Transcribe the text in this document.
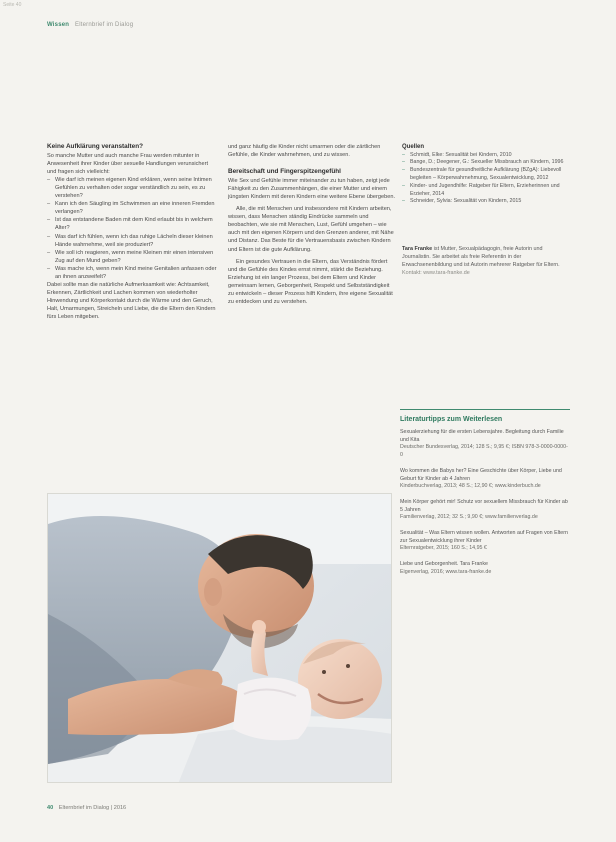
Seite 40
Wissen Elternbrief im Dialog
Keine Aufklärung veranstalten?

So manche Mutter und auch manche Frau werden mitunter in Anwesenheit ihrer Kinder über sexuelle Handlungen verunsichert und fragen sich vielleicht:

– Wie darf ich meinen eigenen Kind erklären, wenn seine Intimen Gefühlen zu verhalten oder sogar verständlich zu sein, es zu verstehen?
– Kann ich den Säugling im Schwimmen an eine inneren Fremden verlangen?
– Ist das entstandene Baden mit dem Kind erlaubt bis in welchem Alter?
– Was darf ich fühlen, wenn ich das ruhige Lächeln dieser kleinen Hände wahrnehme, weil sie produziert?
– Wie soll ich reagieren, wenn meine Kleinen mir einen intensiven Zug auf den Mund geben?
– Was mache ich, wenn mein Kind meine Genitalien anfassen oder an ihnen anzweifelt?

Dabei sollte man die natürliche Aufmerksamkeit wie: Achtsamkeit, Erkennen, Zärtlichkeit und Lachen kommen von wiederholter Hinwendung und Körperkontakt durch die Wärme und den Geruch, Halt, Umarmungen, Streicheln und Liebe, die die Eltern den Kindern fürs Leben mitgeben.

und ganz häufig die Kinder nicht umarmen oder die zärtlichen Gefühle, die Kinder wahrnehmen, und zu wissen.

Bereitschaft und Fingerspitzengefühl

Wie Sex und Gefühle immer miteinander zu tun haben, zeigt jede Fähigkeit zu den Zusammenhängen, die einer Mutter und einem jüngsten Kindern mit deren Kindern eine weitere Ebene übergeben.

Alle, die mit Menschen und insbesondere mit Kindern arbeiten, wissen, dass Menschen ständig Eindrücke sammeln und beobachten, wie sie mit Menschen, Lust, Gefühl umgehen – wie auch mit den eigenen Körpern und den Grenzen anderer, mit Nähe und Distanz. Das Beste für die Vertrauensbasis zwischen Kindern und Eltern ist die gute Aufklärung.

Ein gesundes Vertrauen in die Eltern, das Verständnis fördert und die Gefühle des Kindes ernst nimmt, stärkt die Beziehung. Erziehung ist ein langer Prozess, bei dem Eltern und Kinder gemeinsam lernen, Geborgenheit, Respekt und Selbstständigkeit zu entwickeln – dieser Prozess hilft Kindern, ihre eigene Sexualität zu entdecken und zu verstehen.

Quellen
– Schmidt, Elke: Sexualität bei Kindern, 2010
– Bange, D.; Deegener, G.: Sexueller Missbrauch an Kindern, 1996
– Bundeszentrale für gesundheitliche Aufklärung (BZgA): Liebevoll begleiten – Körperwahrnehmung, Sexualentwicklung, 2012
– Kinder- und Jugendhilfe: Ratgeber für Eltern, Erzieherinnen und Erzieher, 2014
– Schneider, Sylvia: Sexualität von Kindern, 2015

Tara Franke ist Mutter, Sexualpädagogin, freie Autorin und Journalistin. Sie arbeitet als freie Referentin in der Erwachsenenbildung und ist Autorin mehrerer Ratgeber für Eltern. Kontakt: www.tara-franke.de

Literaturtipps zum Weiterlesen
Sexualerziehung für die ersten Lebensjahre. Begleitung durch Familie und Kita
Deutscher Bundesverlag, 2014; 128 S.; 9,95 €; ISBN 978-3-0000-0000-0
Wo kommen die Babys her? Eine Geschichte über Körper, Liebe und Geburt für Kinder ab 4 Jahren
Kinderbuchverlag, 2013; 48 S.; 12,90 €; www.kinderbuch.de
Mein Körper gehört mir! Schutz vor sexuellem Missbrauch für Kinder ab 5 Jahren
Familienverlag, 2012; 32 S.; 9,90 €; www.familienverlag.de
Sexualität – Was Eltern wissen wollen. Antworten auf Fragen von Eltern zur Sexualentwicklung ihrer Kinder
Elternratgeber, 2015; 160 S.; 14,95 €
Liebe und Geborgenheit. Tara Franke
Eigenverlag, 2016; www.tara-franke.de
40 Elternbrief im Dialog | 2016
